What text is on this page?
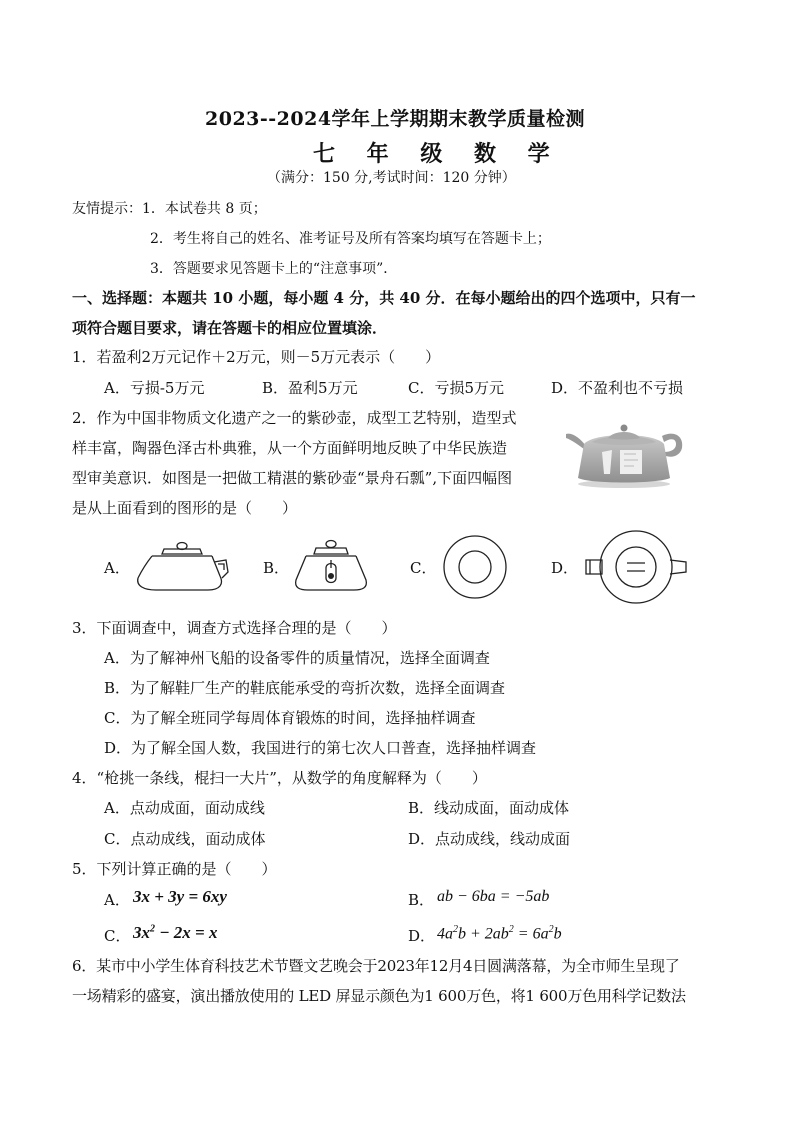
2023--2024学年上学期期末教学质量检测
七 年 级 数 学
（满分：150 分,考试时间：120 分钟）
友情提示：1．本试卷共 8 页；
2．考生将自己的姓名、准考证号及所有答案均填写在答题卡上；
3．答题要求见答题卡上的“注意事项”．
一、选择题：本题共 10 小题，每小题 4 分，共 40 分．在每小题给出的四个选项中，只有一
项符合题目要求，请在答题卡的相应位置填涂．
1．若盈利2万元记作＋2万元，则－5万元表示（　　）
A．亏损-5万元	B．盈利5万元	C．亏损5万元	D．不盈利也不亏损
2．作为中国非物质文化遗产之一的紫砂壶，成型工艺特别，造型式
样丰富，陶器色泽古朴典雅，从一个方面鲜明地反映了中华民族造
型审美意识．如图是一把做工精湛的紫砂壶“景舟石瓢”,下面四幅图
是从上面看到的图形的是（　　）
A．	B．	C．	D．
3．下面调查中，调查方式选择合理的是（　　）
A．为了解神州飞船的设备零件的质量情况，选择全面调查
B．为了解鞋厂生产的鞋底能承受的弯折次数，选择全面调查
C．为了解全班同学每周体育锻炼的时间，选择抽样调查
D．为了解全国人数，我国进行的第七次人口普查，选择抽样调查
4．“枪挑一条线，棍扫一大片”，从数学的角度解释为（　　）
A．点动成面，面动成线	B．线动成面，面动成体
C．点动成线，面动成体	D．点动成线，线动成面
5．下列计算正确的是（　　）
A． 3x + 3y = 6xy	B． ab − 6ba = −5ab
C． $3x^2 - 2x = x$	D． $4a^2b + 2ab^2 = 6a^2b$
6．某市中小学生体育科技艺术节暨文艺晚会于2023年12月4日圆满落幕，为全市师生呈现了
一场精彩的盛宴，演出播放使用的 LED 屏显示颜色为1 600万色，将1 600万色用科学记数法
